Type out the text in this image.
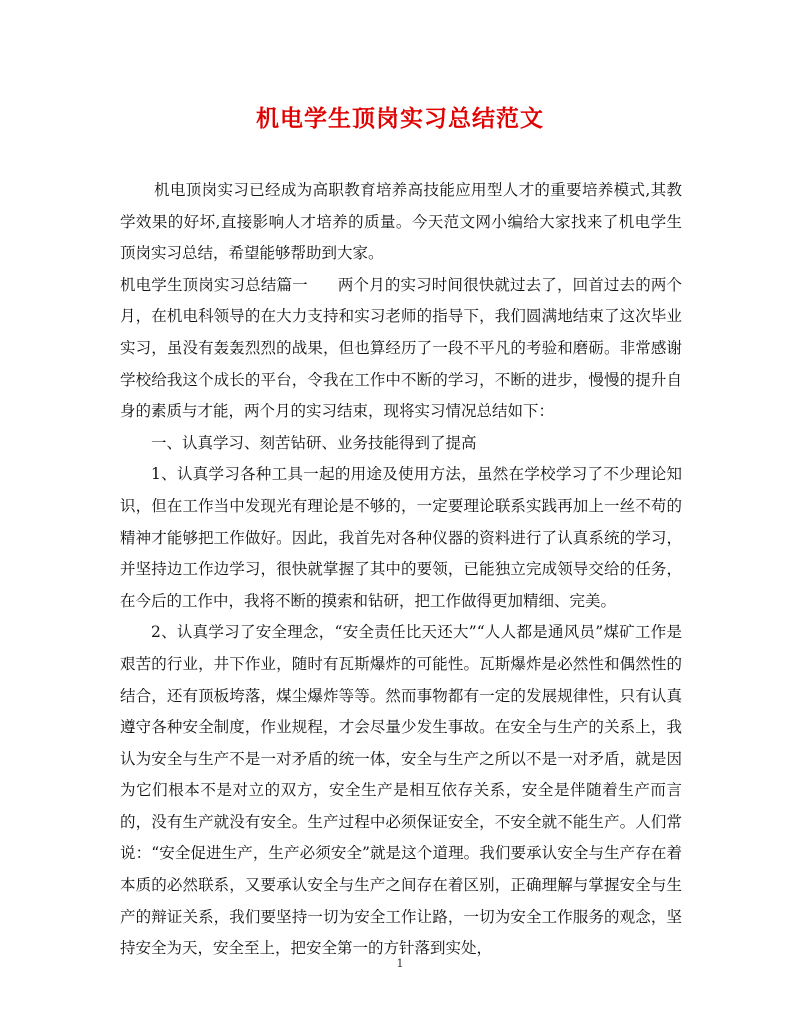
机电学生顶岗实习总结范文

机电顶岗实习已经成为高职教育培养高技能应用型人才的重要培养模式,其教学效果的好坏,直接影响人才培养的质量。今天范文网小编给大家找来了机电学生顶岗实习总结，希望能够帮助到大家。

机电学生顶岗实习总结篇一 两个月的实习时间很快就过去了，回首过去的两个月，在机电科领导的在大力支持和实习老师的指导下，我们圆满地结束了这次毕业实习，虽没有轰轰烈烈的战果，但也算经历了一段不平凡的考验和磨砺。非常感谢学校给我这个成长的平台，令我在工作中不断的学习，不断的进步，慢慢的提升自身的素质与才能，两个月的实习结束，现将实习情况总结如下：

一、认真学习、刻苦钻研、业务技能得到了提高

1、认真学习各种工具一起的用途及使用方法，虽然在学校学习了不少理论知识，但在工作当中发现光有理论是不够的，一定要理论联系实践再加上一丝不苟的精神才能够把工作做好。因此，我首先对各种仪器的资料进行了认真系统的学习，并坚持边工作边学习，很快就掌握了其中的要领，已能独立完成领导交给的任务，在今后的工作中，我将不断的摸索和钻研，把工作做得更加精细、完美。

2、认真学习了安全理念，“安全责任比天还大”“人人都是通风员”煤矿工作是艰苦的行业，井下作业，随时有瓦斯爆炸的可能性。瓦斯爆炸是必然性和偶然性的结合，还有顶板垮落，煤尘爆炸等等。然而事物都有一定的发展规律性，只有认真遵守各种安全制度，作业规程，才会尽量少发生事故。在安全与生产的关系上，我认为安全与生产不是一对矛盾的统一体，安全与生产之所以不是一对矛盾，就是因为它们根本不是对立的双方，安全生产是相互依存关系，安全是伴随着生产而言的，没有生产就没有安全。生产过程中必须保证安全，不安全就不能生产。人们常说：“安全促进生产，生产必须安全”就是这个道理。我们要承认安全与生产存在着本质的必然联系，又要承认安全与生产之间存在着区别，正确理解与掌握安全与生产的辩证关系，我们要坚持一切为安全工作让路，一切为安全工作服务的观念，坚持安全为天，安全至上，把安全第一的方针落到实处，

1
